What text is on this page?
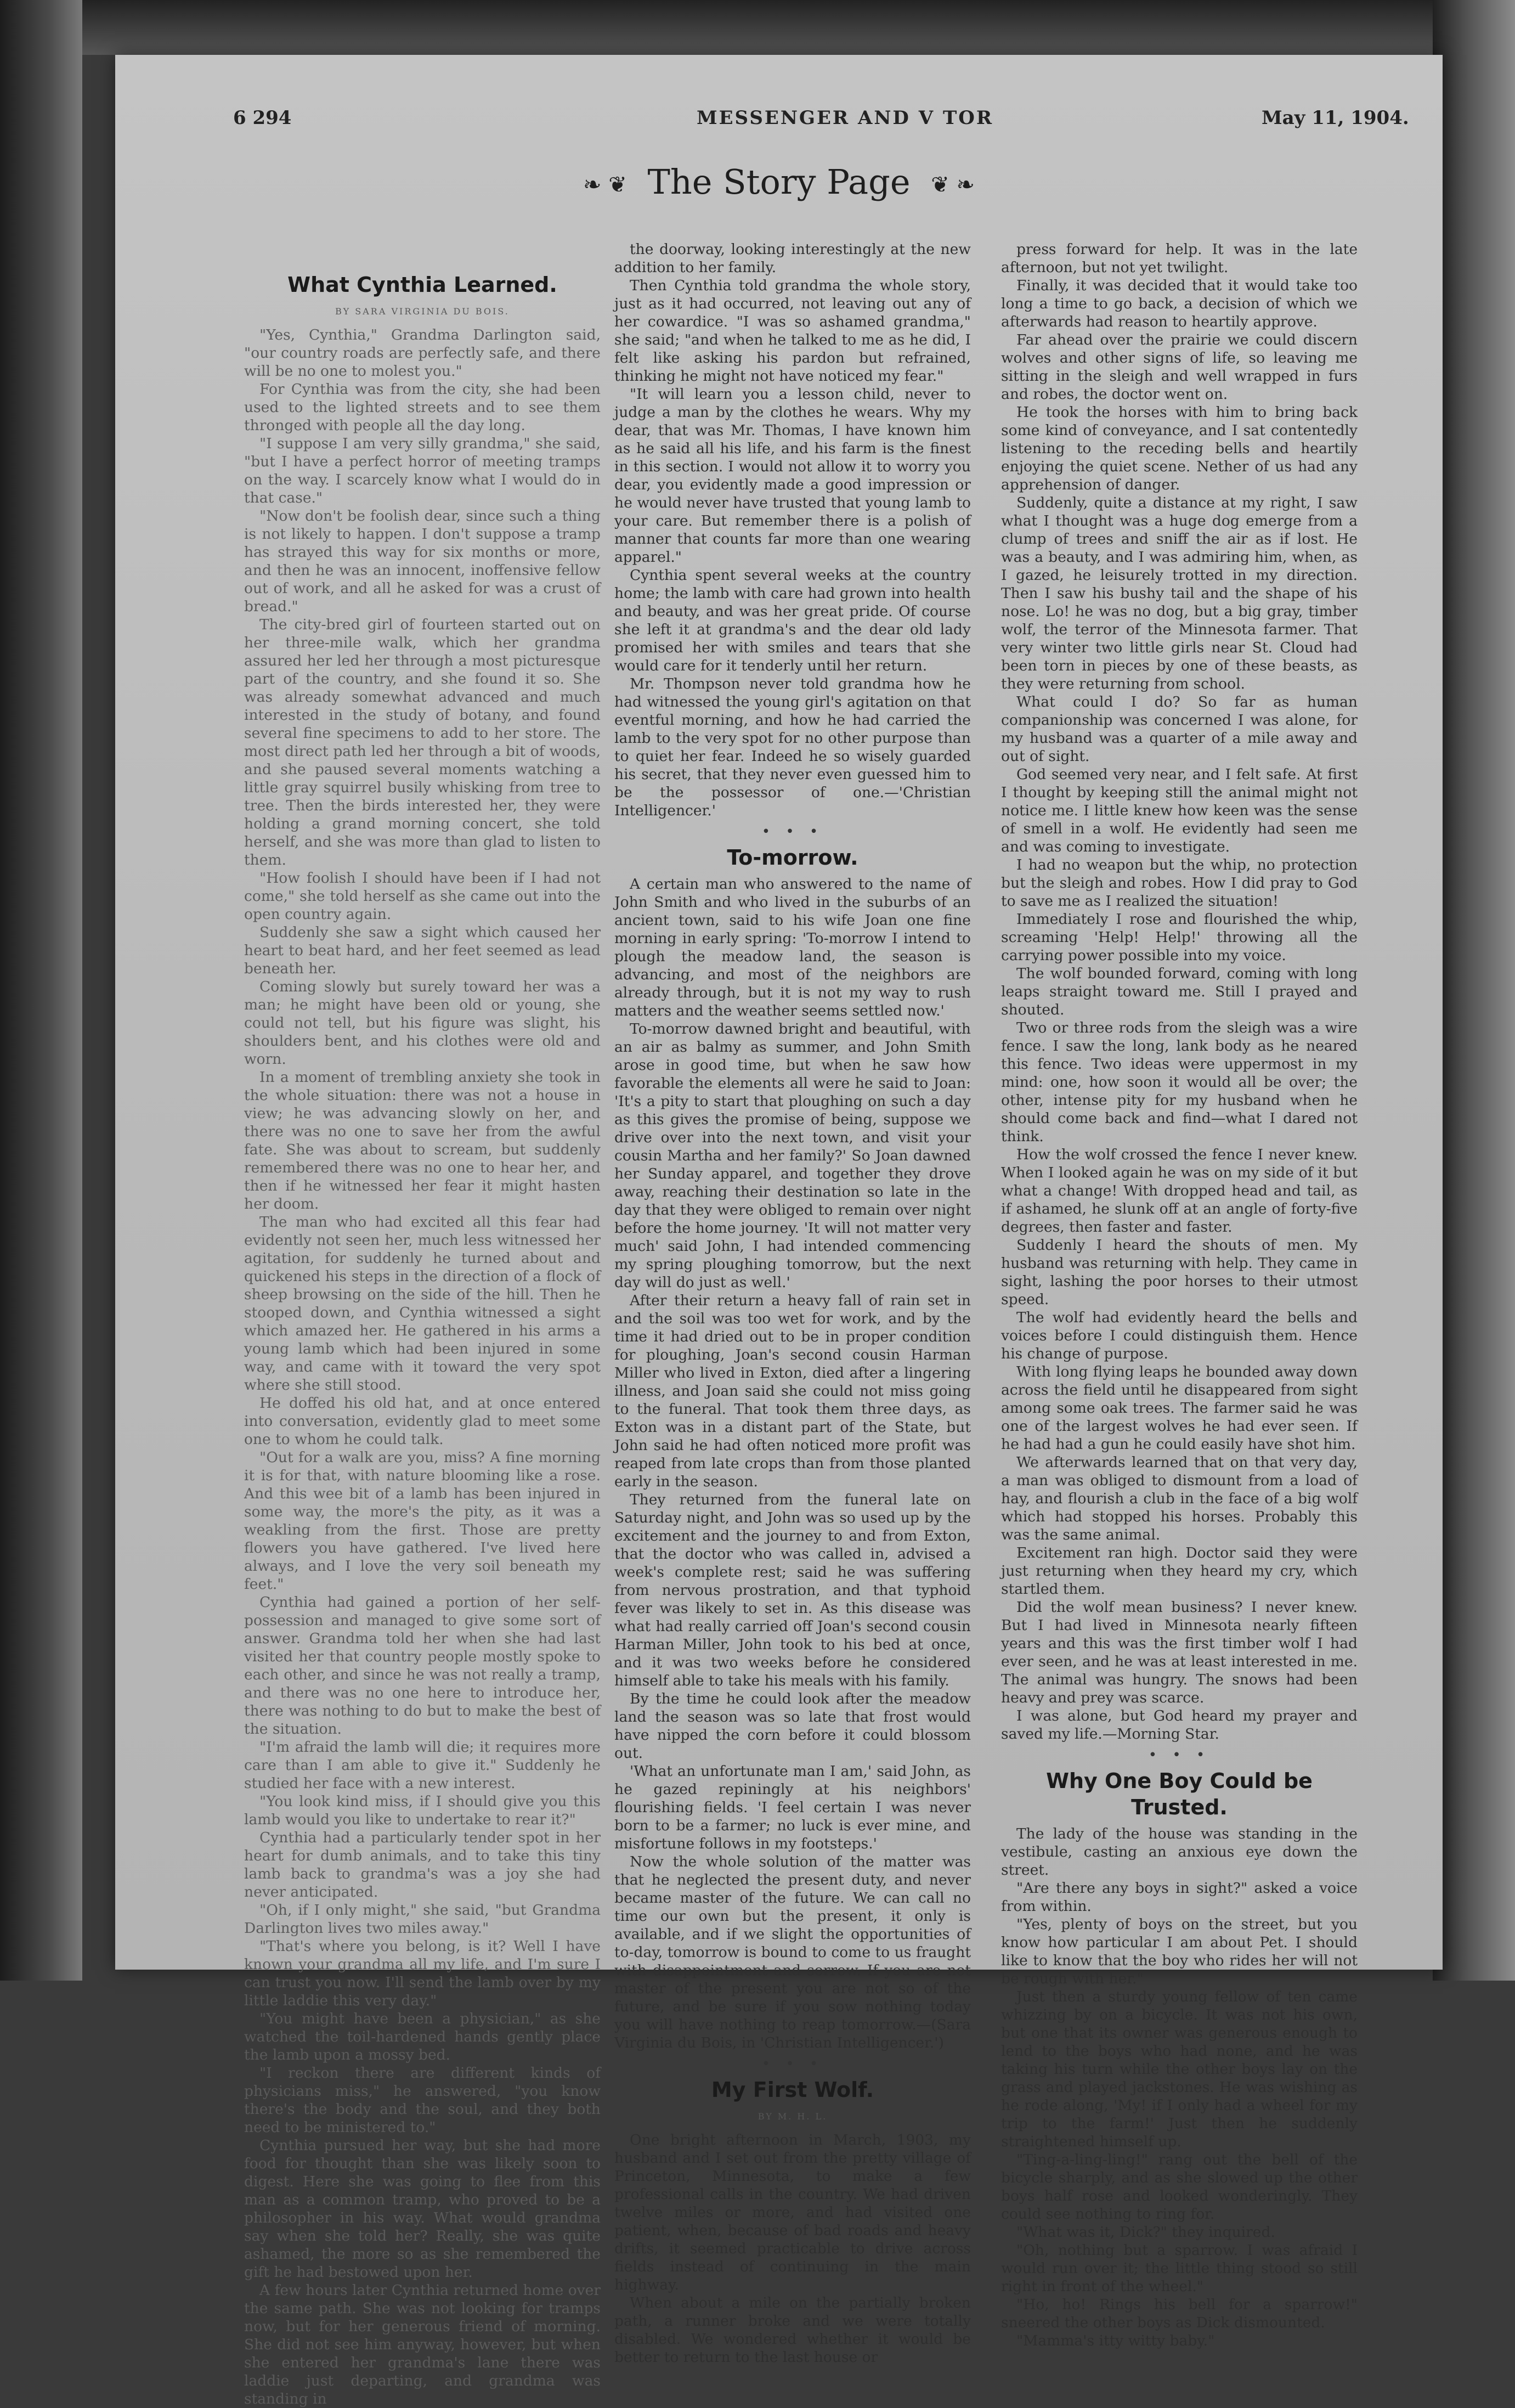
6 294	MESSENGER AND V TOR	May 11, 1904.
❧ ❦ The Story Page ❦ ❧
What Cynthia Learned.
BY SARA VIRGINIA DU BOIS.

"Yes, Cynthia," Grandma Darlington said, "our country roads are perfectly safe, and there will be no one to molest you."

For Cynthia was from the city, she had been used to the lighted streets and to see them thronged with people all the day long.

"I suppose I am very silly grandma," she said, "but I have a perfect horror of meeting tramps on the way. I scarcely know what I would do in that case."

"Now don't be foolish dear, since such a thing is not likely to happen. I don't suppose a tramp has strayed this way for six months or more, and then he was an innocent, inoffensive fellow out of work, and all he asked for was a crust of bread."

The city-bred girl of fourteen started out on her three-mile walk, which her grandma assured her led her through a most picturesque part of the country, and she found it so. She was already somewhat advanced and much interested in the study of botany, and found several fine specimens to add to her store. The most direct path led her through a bit of woods, and she paused several moments watching a little gray squirrel busily whisking from tree to tree. Then the birds interested her, they were holding a grand morning concert, she told herself, and she was more than glad to listen to them.

"How foolish I should have been if I had not come," she told herself as she came out into the open country again.

Suddenly she saw a sight which caused her heart to beat hard, and her feet seemed as lead beneath her.

Coming slowly but surely toward her was a man; he might have been old or young, she could not tell, but his figure was slight, his shoulders bent, and his clothes were old and worn.

In a moment of trembling anxiety she took in the whole situation: there was not a house in view; he was advancing slowly on her, and there was no one to save her from the awful fate. She was about to scream, but suddenly remembered there was no one to hear her, and then if he witnessed her fear it might hasten her doom.

The man who had excited all this fear had evidently not seen her, much less witnessed her agitation, for suddenly he turned about and quickened his steps in the direction of a flock of sheep browsing on the side of the hill. Then he stooped down, and Cynthia witnessed a sight which amazed her. He gathered in his arms a young lamb which had been injured in some way, and came with it toward the very spot where she still stood.

He doffed his old hat, and at once entered into conversation, evidently glad to meet some one to whom he could talk.

"Out for a walk are you, miss? A fine morning it is for that, with nature blooming like a rose. And this wee bit of a lamb has been injured in some way, the more's the pity, as it was a weakling from the first. Those are pretty flowers you have gathered. I've lived here always, and I love the very soil beneath my feet."

Cynthia had gained a portion of her self-possession and managed to give some sort of answer. Grandma told her when she had last visited her that country people mostly spoke to each other, and since he was not really a tramp, and there was no one here to introduce her, there was nothing to do but to make the best of the situation.

"I'm afraid the lamb will die; it requires more care than I am able to give it." Suddenly he studied her face with a new interest.

"You look kind miss, if I should give you this lamb would you like to undertake to rear it?"

Cynthia had a particularly tender spot in her heart for dumb animals, and to take this tiny lamb back to grandma's was a joy she had never anticipated.

"Oh, if I only might," she said, "but Grandma Darlington lives two miles away."

"That's where you belong, is it? Well I have known your grandma all my life, and I'm sure I can trust you now. I'll send the lamb over by my little laddie this very day."

"You might have been a physician," as she watched the toil-hardened hands gently place the lamb upon a mossy bed.

"I reckon there are different kinds of physicians miss," he answered, "you know there's the body and the soul, and they both need to be ministered to."

Cynthia pursued her way, but she had more food for thought than she was likely soon to digest. Here she was going to flee from this man as a common tramp, who proved to be a philosopher in his way. What would grandma say when she told her? Really, she was quite ashamed, the more so as she remembered the gift he had bestowed upon her.

A few hours later Cynthia returned home over the same path. She was not looking for tramps now, but for her generous friend of morning. She did not see him anyway, however, but when she entered her grandma's lane there was laddie just departing, and grandma was standing in

the doorway, looking interestingly at the new addition to her family.

Then Cynthia told grandma the whole story, just as it had occurred, not leaving out any of her cowardice. "I was so ashamed grandma," she said; "and when he talked to me as he did, I felt like asking his pardon but refrained, thinking he might not have noticed my fear."

"It will learn you a lesson child, never to judge a man by the clothes he wears. Why my dear, that was Mr. Thomas, I have known him as he said all his life, and his farm is the finest in this section. I would not allow it to worry you dear, you evidently made a good impression or he would never have trusted that young lamb to your care. But remember there is a polish of manner that counts far more than one wearing apparel."

Cynthia spent several weeks at the country home; the lamb with care had grown into health and beauty, and was her great pride. Of course she left it at grandma's and the dear old lady promised her with smiles and tears that she would care for it tenderly until her return.

Mr. Thompson never told grandma how he had witnessed the young girl's agitation on that eventful morning, and how he had carried the lamb to the very spot for no other purpose than to quiet her fear. Indeed he so wisely guarded his secret, that they never even guessed him to be the possessor of one.—'Christian Intelligencer.'

• • •
To-morrow.

A certain man who answered to the name of John Smith and who lived in the suburbs of an ancient town, said to his wife Joan one fine morning in early spring: 'To-morrow I intend to plough the meadow land, the season is advancing, and most of the neighbors are already through, but it is not my way to rush matters and the weather seems settled now.'

To-morrow dawned bright and beautiful, with an air as balmy as summer, and John Smith arose in good time, but when he saw how favorable the elements all were he said to Joan: 'It's a pity to start that ploughing on such a day as this gives the promise of being, suppose we drive over into the next town, and visit your cousin Martha and her family?' So Joan dawned her Sunday apparel, and together they drove away, reaching their destination so late in the day that they were obliged to remain over night before the home journey. 'It will not matter very much' said John, I had intended commencing my spring ploughing tomorrow, but the next day will do just as well.'

After their return a heavy fall of rain set in and the soil was too wet for work, and by the time it had dried out to be in proper condition for ploughing, Joan's second cousin Harman Miller who lived in Exton, died after a lingering illness, and Joan said she could not miss going to the funeral. That took them three days, as Exton was in a distant part of the State, but John said he had often noticed more profit was reaped from late crops than from those planted early in the season.

They returned from the funeral late on Saturday night, and John was so used up by the excitement and the journey to and from Exton, that the doctor who was called in, advised a week's complete rest; said he was suffering from nervous prostration, and that typhoid fever was likely to set in. As this disease was what had really carried off Joan's second cousin Harman Miller, John took to his bed at once, and it was two weeks before he considered himself able to take his meals with his family.

By the time he could look after the meadow land the season was so late that frost would have nipped the corn before it could blossom out.

'What an unfortunate man I am,' said John, as he gazed repiningly at his neighbors' flourishing fields. 'I feel certain I was never born to be a farmer; no luck is ever mine, and misfortune follows in my footsteps.'

Now the whole solution of the matter was that he neglected the present duty, and never became master of the future. We can call no time our own but the present, it only is available, and if we slight the opportunities of to-day, tomorrow is bound to come to us fraught with disappointment and sorrow. If you are not master of the present you are not so of the future, and be sure if you sow nothing today you will have nothing to reap tomorrow.—(Sara Virginia du Bois, in 'Christian Intelligencer.')

• • •
My First Wolf.
BY M. H. L.

One bright afternoon in March, 1903, my husband and I set out from the pretty village of Princeton, Minnesota, to make a few professional calls in the country. We had driven twelve miles or more, and had visited one patient, when, because of bad roads and heavy drifts, it seemed practicable to drive across fields instead of continuing in the main highway.

When about a mile on the partially broken path, a runner broke and we were totally disabled. We wondered whether it would be better to return to the last house or

press forward for help. It was in the late afternoon, but not yet twilight.

Finally, it was decided that it would take too long a time to go back, a decision of which we afterwards had reason to heartily approve.

Far ahead over the prairie we could discern wolves and other signs of life, so leaving me sitting in the sleigh and well wrapped in furs and robes, the doctor went on.

He took the horses with him to bring back some kind of conveyance, and I sat contentedly listening to the receding bells and heartily enjoying the quiet scene. Nether of us had any apprehension of danger.

Suddenly, quite a distance at my right, I saw what I thought was a huge dog emerge from a clump of trees and sniff the air as if lost. He was a beauty, and I was admiring him, when, as I gazed, he leisurely trotted in my direction. Then I saw his bushy tail and the shape of his nose. Lo! he was no dog, but a big gray, timber wolf, the terror of the Minnesota farmer. That very winter two little girls near St. Cloud had been torn in pieces by one of these beasts, as they were returning from school.

What could I do? So far as human companionship was concerned I was alone, for my husband was a quarter of a mile away and out of sight.

God seemed very near, and I felt safe. At first I thought by keeping still the animal might not notice me. I little knew how keen was the sense of smell in a wolf. He evidently had seen me and was coming to investigate.

I had no weapon but the whip, no protection but the sleigh and robes. How I did pray to God to save me as I realized the situation!

Immediately I rose and flourished the whip, screaming 'Help! Help!' throwing all the carrying power possible into my voice.

The wolf bounded forward, coming with long leaps straight toward me. Still I prayed and shouted.

Two or three rods from the sleigh was a wire fence. I saw the long, lank body as he neared this fence. Two ideas were uppermost in my mind: one, how soon it would all be over; the other, intense pity for my husband when he should come back and find—what I dared not think.

How the wolf crossed the fence I never knew. When I looked again he was on my side of it but what a change! With dropped head and tail, as if ashamed, he slunk off at an angle of forty-five degrees, then faster and faster.

Suddenly I heard the shouts of men. My husband was returning with help. They came in sight, lashing the poor horses to their utmost speed.

The wolf had evidently heard the bells and voices before I could distinguish them. Hence his change of purpose.

With long flying leaps he bounded away down across the field until he disappeared from sight among some oak trees. The farmer said he was one of the largest wolves he had ever seen. If he had had a gun he could easily have shot him.

We afterwards learned that on that very day, a man was obliged to dismount from a load of hay, and flourish a club in the face of a big wolf which had stopped his horses. Probably this was the same animal.

Excitement ran high. Doctor said they were just returning when they heard my cry, which startled them.

Did the wolf mean business? I never knew. But I had lived in Minnesota nearly fifteen years and this was the first timber wolf I had ever seen, and he was at least interested in me. The animal was hungry. The snows had been heavy and prey was scarce.

I was alone, but God heard my prayer and saved my life.—Morning Star.

• • •
Why One Boy Could be Trusted.

The lady of the house was standing in the vestibule, casting an anxious eye down the street.

"Are there any boys in sight?" asked a voice from within.

"Yes, plenty of boys on the street, but you know how particular I am about Pet. I should like to know that the boy who rides her will not be rough with her."

Just then a sturdy young fellow of ten came whizzing by on a bicycle. It was not his own, but one that its owner was generous enough to lend to the boys who had none, and he was taking his turn while the other boys lay on the grass and played jackstones. He was wishing as he rode along, 'My! if I only had a wheel for my trip to the farm!' Just then he suddenly straightened himself up.

"Ting-a-ling-ling!" rang out the bell of the bicycle sharply, and as she slowed up the other boys half rose and looked wonderingly. They could see nothing to ring for.

"What was it, Dick?" they inquired.

"Oh, nothing but a sparrow. I was afraid I would run over it; the little thing stood so still right in front of the wheel."

"Ho, ho! Rings his bell for a sparrow!" sneered the other boys as Dick dismounted.

"Mamma's itty witty baby."
